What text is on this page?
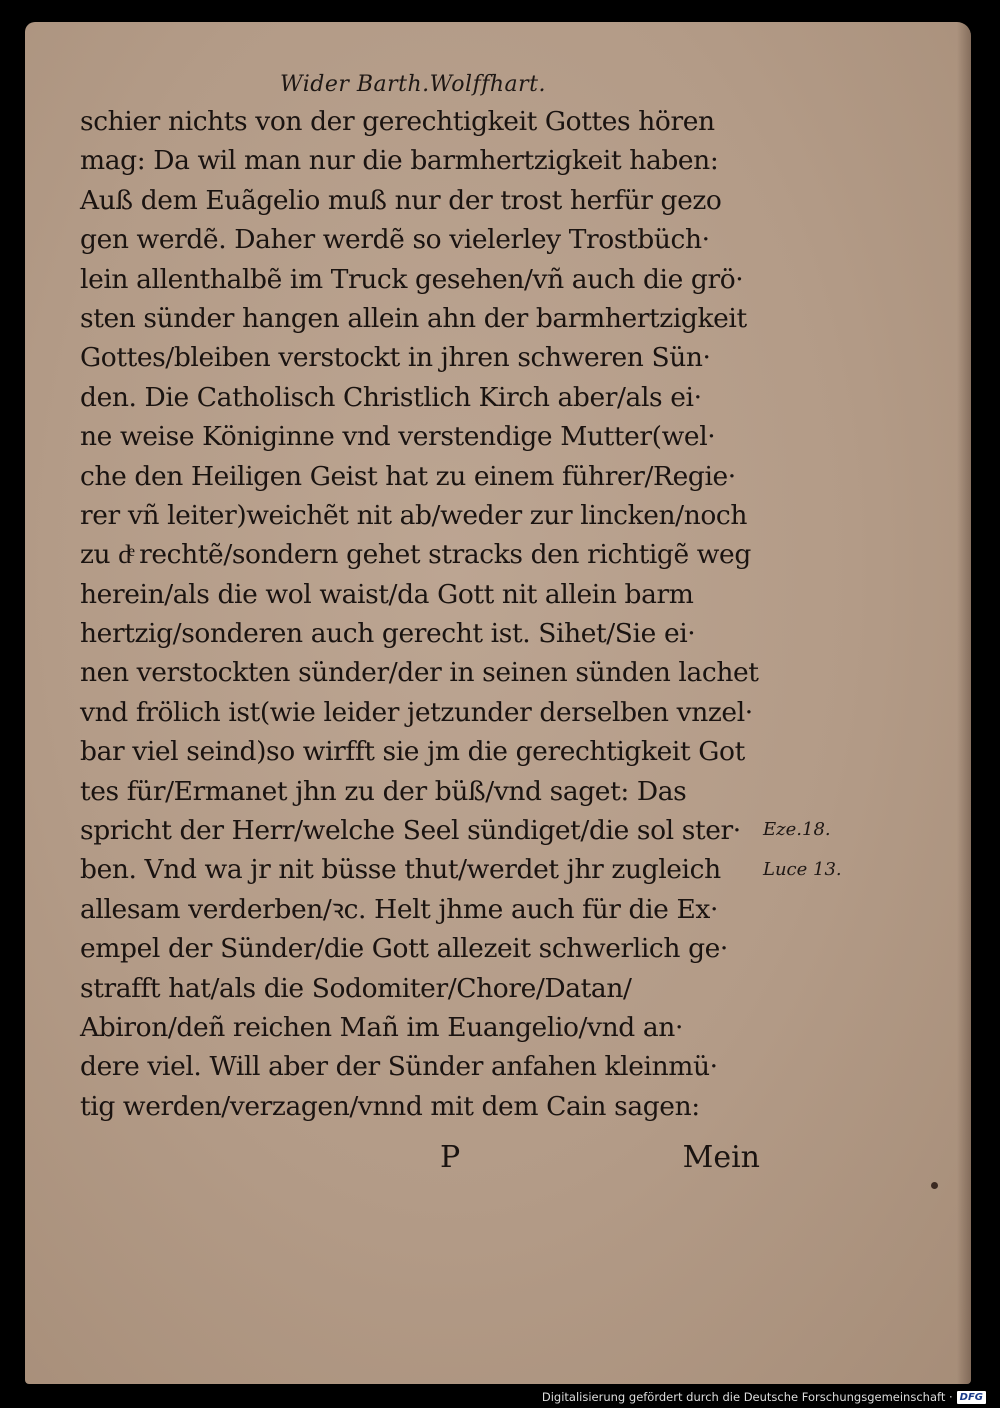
Wider Barth.Wolffhart.
schier nichts von der gerechtigkeit Gottes hören
mag: Da wil man nur die barmhertzigkeit haben:
Auß dem Euãgelio muß nur der trost herfür gezo
gen werdẽ. Daher werdẽ so vielerley Trostbüch·
lein allenthalbẽ im Truck gesehen/vñ auch die grö·
sten sünder hangen allein ahn der barmhertzigkeit
Gottes/bleiben verstockt in jhren schweren Sün·
den. Die Catholisch Christlich Kirch aber/als ei·
ne weise Königinne vnd verstendige Mutter(wel·
che den Heiligen Geist hat zu einem führer/Regie·
rer vñ leiter)weichẽt nit ab/weder zur lincken/noch
zu dͤ rechtẽ/sondern gehet stracks den richtigẽ weg
herein/als die wol waist/da Gott nit allein barm
hertzig/sonderen auch gerecht ist. Sihet/Sie ei·
nen verstockten sünder/der in seinen sünden lachet
vnd frölich ist(wie leider jetzunder derselben vnzel·
bar viel seind)so wirfft sie jm die gerechtigkeit Got
tes für/Ermanet jhn zu der büß/vnd saget: Das
spricht der Herr/welche Seel sündiget/die sol ster·
ben. Vnd wa jr nit büsse thut/werdet jhr zugleich
allesam verderben/ꝛc. Helt jhme auch für die Ex·
empel der Sünder/die Gott allezeit schwerlich ge·
strafft hat/als die Sodomiter/Chore/Datan/
Abiron/deñ reichen Mañ im Euangelio/vnd an·
dere viel. Will aber der Sünder anfahen kleinmü·
tig werden/verzagen/vnnd mit dem Cain sagen:
P	Mein
Eze.18.
Luce 13.
Digitalisierung gefördert durch die Deutsche Forschungsgemeinschaft · DFG
